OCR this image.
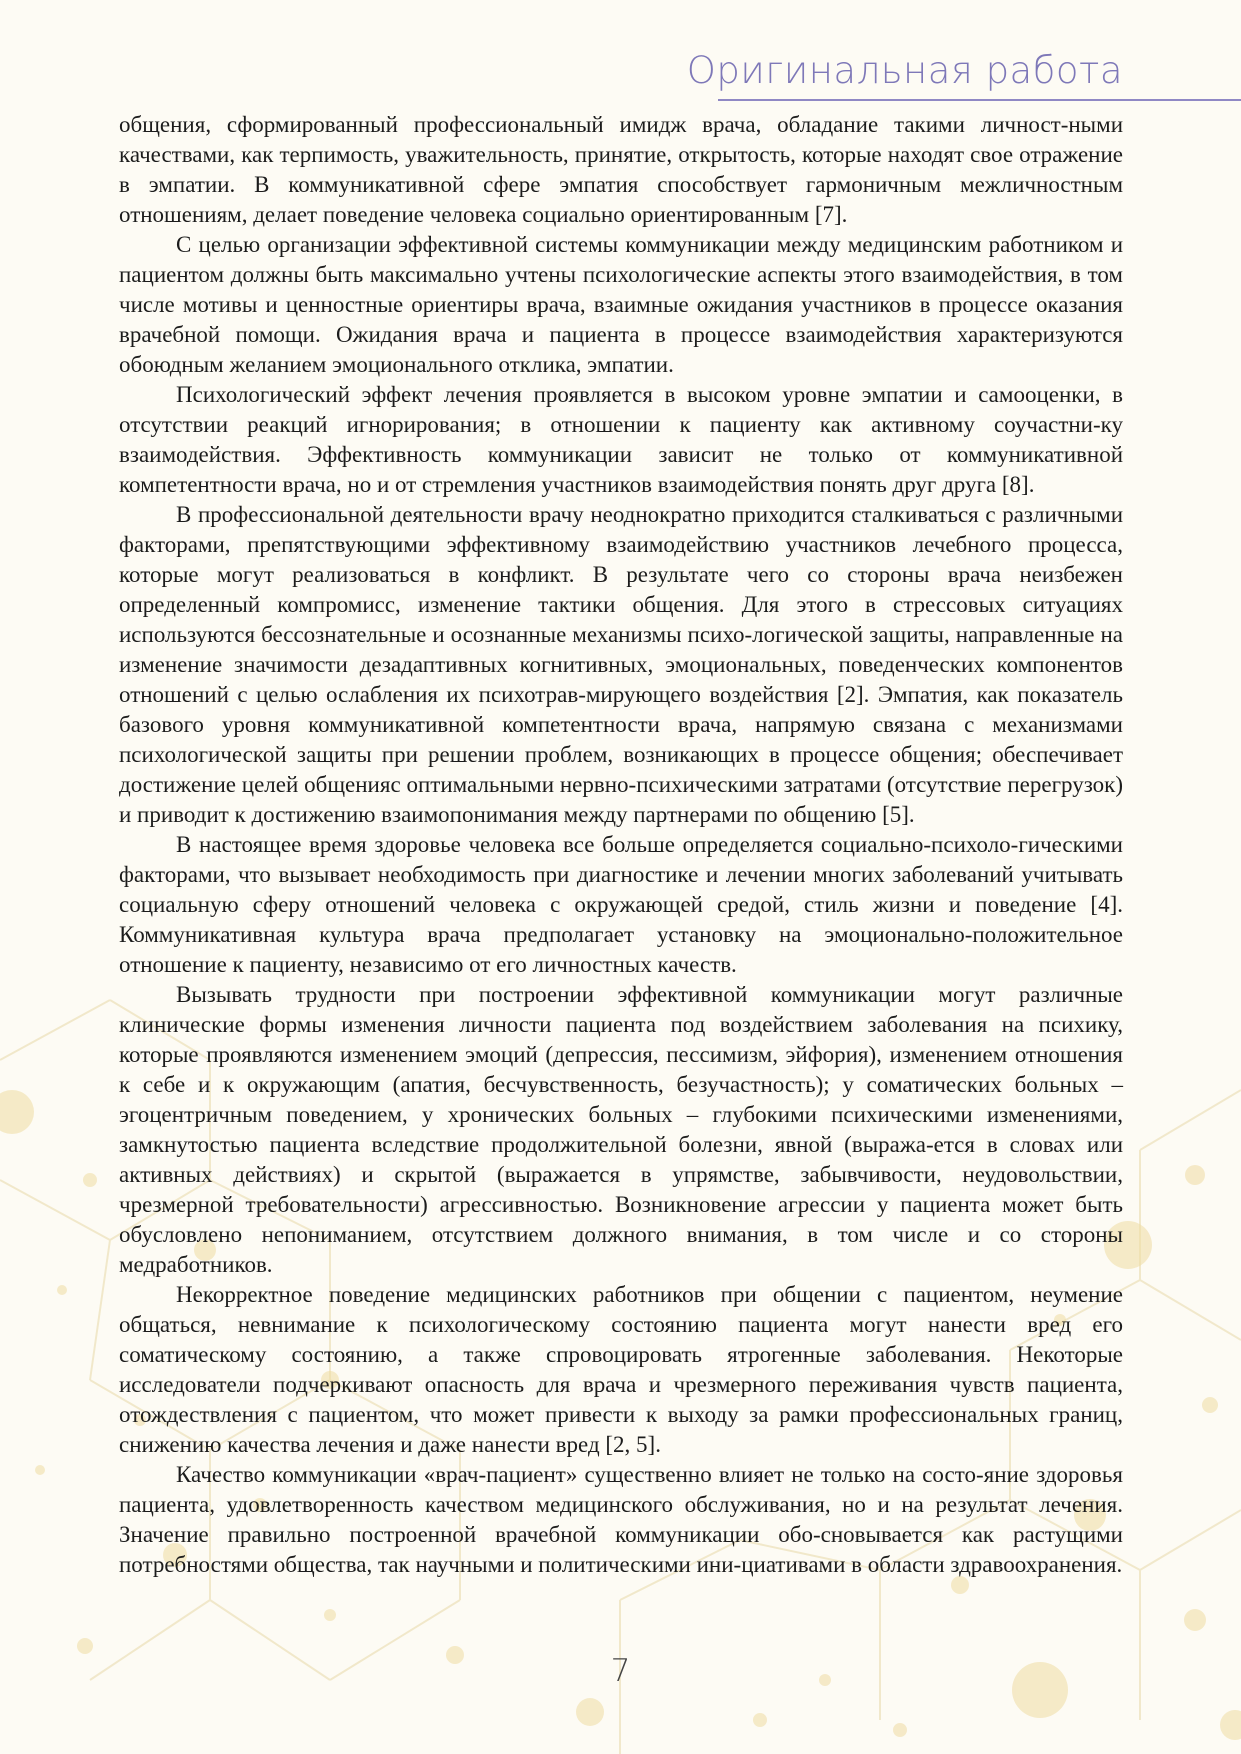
Оригинальная работа

общения, сформированный профессиональный имидж врача, обладание такими личност-ными качествами, как терпимость, уважительность, принятие, открытость, которые находят свое отражение в эмпатии. В коммуникативной сфере эмпатия способствует гармоничным межличностным отношениям, делает поведение человека социально ориентированным [7].

С целью организации эффективной системы коммуникации между медицинским работником и пациентом должны быть максимально учтены психологические аспекты этого взаимодействия, в том числе мотивы и ценностные ориентиры врача, взаимные ожидания участников в процессе оказания врачебной помощи. Ожидания врача и пациента в процессе взаимодействия характеризуются обоюдным желанием эмоционального отклика, эмпатии.

Психологический эффект лечения проявляется в высоком уровне эмпатии и самооценки, в отсутствии реакций игнорирования; в отношении к пациенту как активному соучастни-ку взаимодействия. Эффективность коммуникации зависит не только от коммуникативной компетентности врача, но и от стремления участников взаимодействия понять друг друга [8].

В профессиональной деятельности врачу неоднократно приходится сталкиваться с различными факторами, препятствующими эффективному взаимодействию участников лечебного процесса, которые могут реализоваться в конфликт. В результате чего со стороны врача неизбежен определенный компромисс, изменение тактики общения. Для этого в стрессовых ситуациях используются бессознательные и осознанные механизмы психо-логической защиты, направленные на изменение значимости дезадаптивных когнитивных, эмоциональных, поведенческих компонентов отношений с целью ослабления их психотрав-мирующего воздействия [2]. Эмпатия, как показатель базового уровня коммуникативной компетентности врача, напрямую связана с механизмами психологической защиты при решении проблем, возникающих в процессе общения; обеспечивает достижение целей общенияс оптимальными нервно-психическими затратами (отсутствие перегрузок) и приводит к достижению взаимопонимания между партнерами по общению [5].

В настоящее время здоровье человека все больше определяется социально-психоло-гическими факторами, что вызывает необходимость при диагностике и лечении многих заболеваний учитывать социальную сферу отношений человека с окружающей средой, стиль жизни и поведение [4]. Коммуникативная культура врача предполагает установку на эмоционально-положительное отношение к пациенту, независимо от его личностных качеств.

Вызывать трудности при построении эффективной коммуникации могут различные клинические формы изменения личности пациента под воздействием заболевания на психику, которые проявляются изменением эмоций (депрессия, пессимизм, эйфория), изменением отношения к себе и к окружающим (апатия, бесчувственность, безучастность); у соматических больных – эгоцентричным поведением, у хронических больных – глубокими психическими изменениями, замкнутостью пациента вследствие продолжительной болезни, явной (выража-ется в словах или активных действиях) и скрытой (выражается в упрямстве, забывчивости, неудовольствии, чрезмерной требовательности) агрессивностью. Возникновение агрессии у пациента может быть обусловлено непониманием, отсутствием должного внимания, в том числе и со стороны медработников.

Некорректное поведение медицинских работников при общении с пациентом, неумение общаться, невнимание к психологическому состоянию пациента могут нанести вред его соматическому состоянию, а также спровоцировать ятрогенные заболевания. Некоторые исследователи подчеркивают опасность для врача и чрезмерного переживания чувств пациента, отождествления с пациентом, что может привести к выходу за рамки профессиональных границ, снижению качества лечения и даже нанести вред [2, 5].

Качество коммуникации «врач-пациент» существенно влияет не только на состо-яние здоровья пациента, удовлетворенность качеством медицинского обслуживания, но и на результат лечения. Значение правильно построенной врачебной коммуникации обо-сновывается как растущими потребностями общества, так научными и политическими ини-циативами в области здравоохранения.

7
